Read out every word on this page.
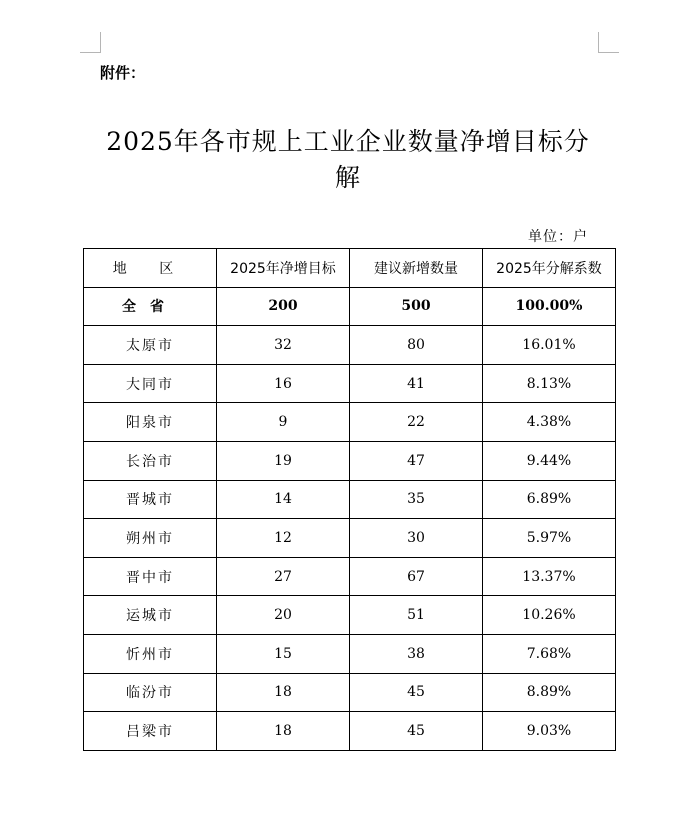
附件：
2025年各市规上工业企业数量净增目标分解
单位：户
地 区	2025年净增目标	建议新增数量	2025年分解系数
全省	200	500	100.00%
太原市	32	80	16.01%
大同市	16	41	8.13%
阳泉市	9	22	4.38%
长治市	19	47	9.44%
晋城市	14	35	6.89%
朔州市	12	30	5.97%
晋中市	27	67	13.37%
运城市	20	51	10.26%
忻州市	15	38	7.68%
临汾市	18	45	8.89%
吕梁市	18	45	9.03%
